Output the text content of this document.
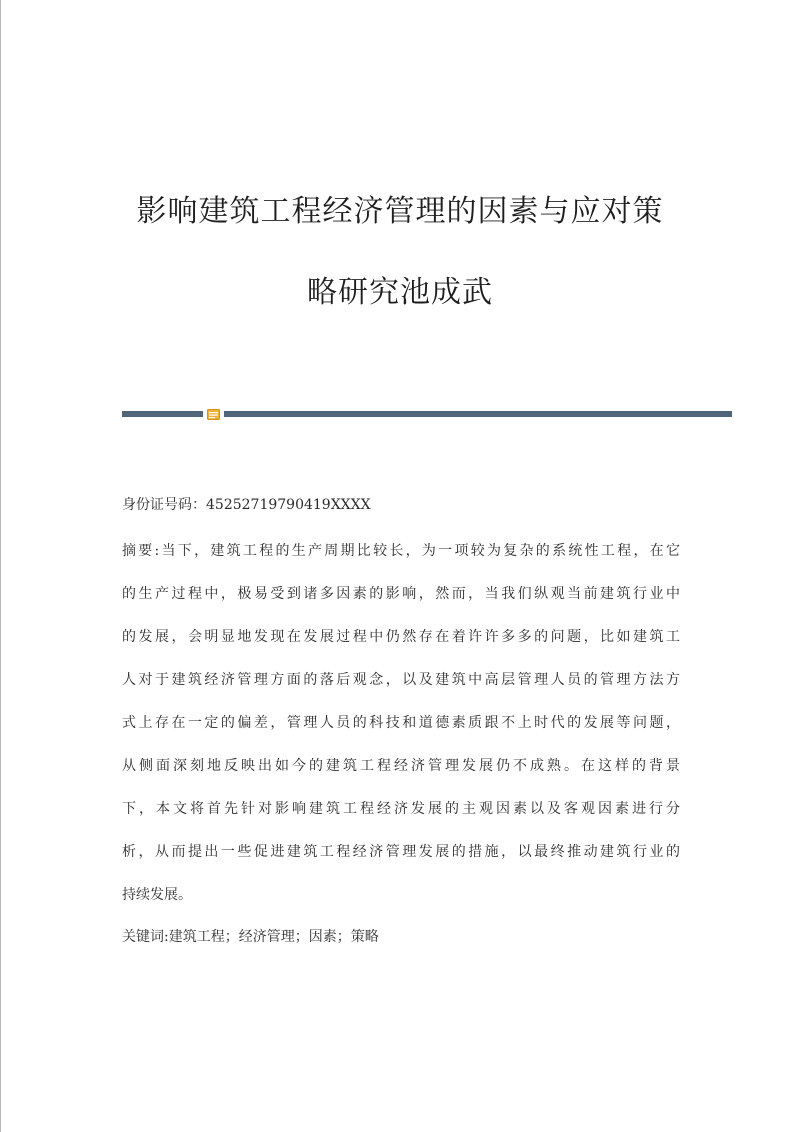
影响建筑工程经济管理的因素与应对策
略研究池成武
身份证号码：45252719790419XXXX
摘要:当下，建筑工程的生产周期比较长，为一项较为复杂的系统性工程，在它
的生产过程中，极易受到诸多因素的影响，然而，当我们纵观当前建筑行业中
的发展，会明显地发现在发展过程中仍然存在着许许多多的问题，比如建筑工
人对于建筑经济管理方面的落后观念，以及建筑中高层管理人员的管理方法方
式上存在一定的偏差，管理人员的科技和道德素质跟不上时代的发展等问题，
从侧面深刻地反映出如今的建筑工程经济管理发展仍不成熟。在这样的背景
下，本文将首先针对影响建筑工程经济发展的主观因素以及客观因素进行分
析，从而提出一些促进建筑工程经济管理发展的措施，以最终推动建筑行业的
持续发展。
关键词:建筑工程；经济管理；因素；策略
